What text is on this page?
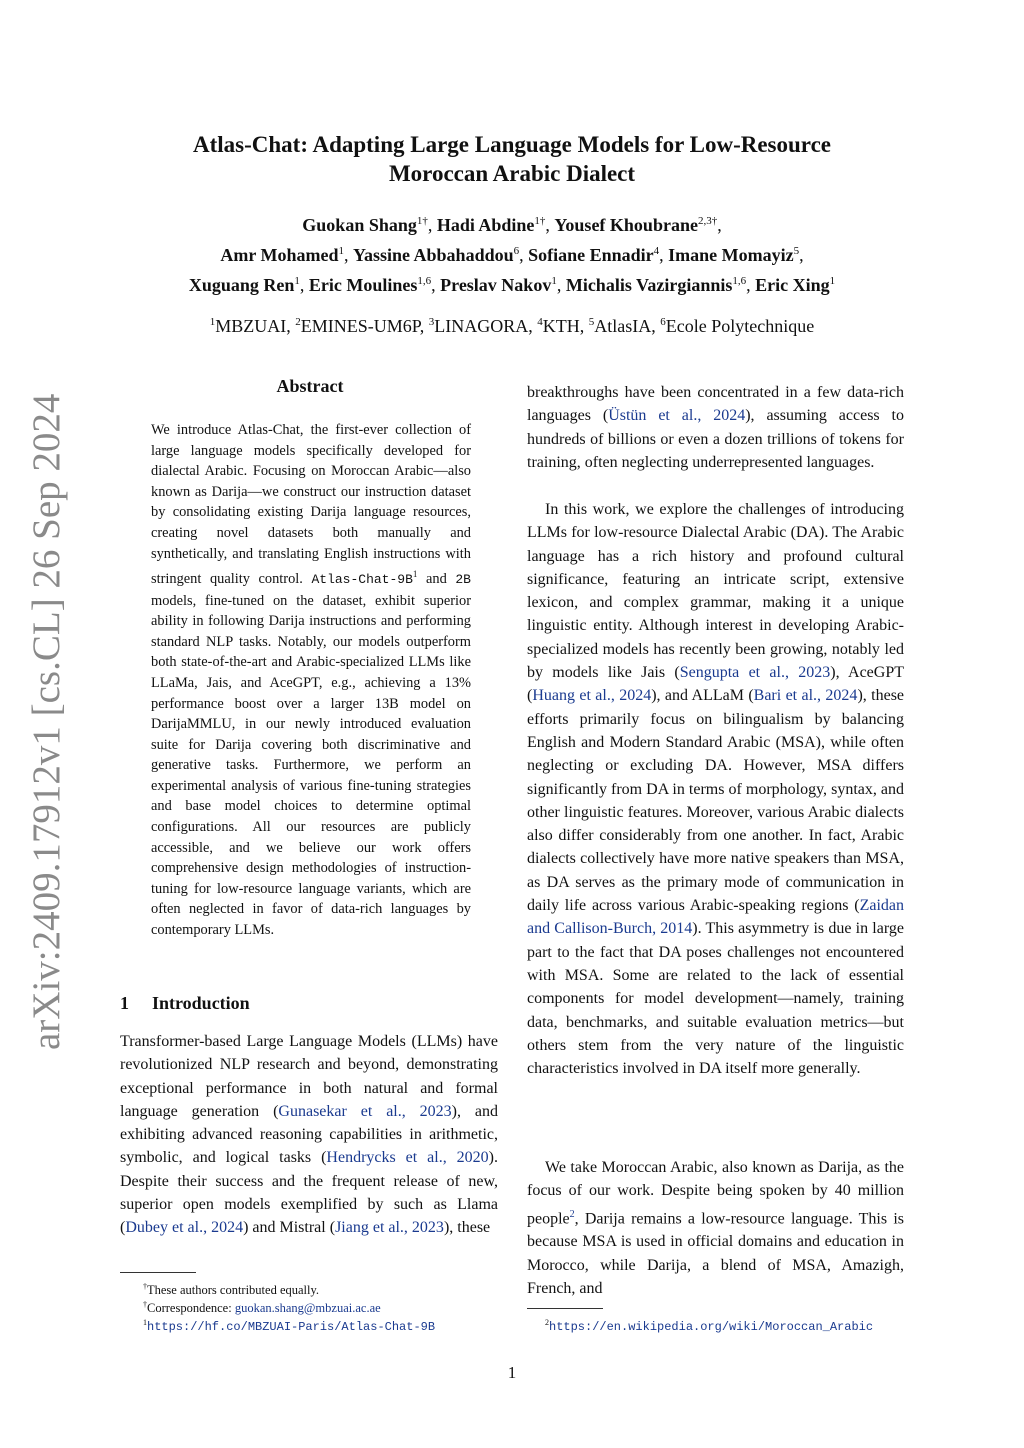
arXiv:2409.17912v1 [cs.CL] 26 Sep 2024
Atlas-Chat: Adapting Large Language Models for Low-Resource
Moroccan Arabic Dialect
Guokan Shang$^{1\dagger}$, Hadi Abdine$^{1\dagger}$, Yousef Khoubrane$^{2,3\dagger}$,
Amr Mohamed$^1$, Yassine Abbahaddou$^6$, Sofiane Ennadir$^4$, Imane Momayiz$^5$,
Xuguang Ren$^1$, Eric Moulines$^{1,6}$, Preslav Nakov$^1$, Michalis Vazirgiannis$^{1,6}$, Eric Xing$^1$
$^1$MBZUAI, $^2$EMINES-UM6P, $^3$LINAGORA, $^4$KTH, $^5$AtlasIA, $^6$Ecole Polytechnique
Abstract
We introduce Atlas-Chat, the first-ever collection of large language models specifically developed for dialectal Arabic. Focusing on Moroccan Arabic—also known as Darija—we construct our instruction dataset by consolidating existing Darija language resources, creating novel datasets both manually and synthetically, and translating English instructions with stringent quality control. Atlas-$Chat-9B^1$ and 2B models, fine-tuned on the dataset, exhibit superior ability in following Darija instructions and performing standard NLP tasks. Notably, our models outperform both state-of-the-art and Arabic-specialized LLMs like LLaMa, Jais, and AceGPT, e.g., achieving a 13% performance boost over a larger 13B model on DarijaMMLU, in our newly introduced evaluation suite for Darija covering both discriminative and generative tasks. Furthermore, we perform an experimental analysis of various fine-tuning strategies and base model choices to determine optimal configurations. All our resources are publicly accessible, and we believe our work offers comprehensive design methodologies of instruction-tuning for low-resource language variants, which are often neglected in favor of data-rich languages by contemporary LLMs.
1 Introduction

Transformer-based Large Language Models (LLMs) have revolutionized NLP research and beyond, demonstrating exceptional performance in both natural and formal language generation (Gunasekar et al., 2023), and exhibiting advanced reasoning capabilities in arithmetic, symbolic, and logical tasks (Hendrycks et al., 2020). Despite their success and the frequent release of new, superior open models exemplified by such as Llama (Dubey et al., 2024) and Mistral (Jiang et al., 2023), these

breakthroughs have been concentrated in a few data-rich languages (Üstün et al., 2024), assuming access to hundreds of billions or even a dozen trillions of tokens for training, often neglecting underrepresented languages.

In this work, we explore the challenges of introducing LLMs for low-resource Dialectal Arabic (DA). The Arabic language has a rich history and profound cultural significance, featuring an intricate script, extensive lexicon, and complex grammar, making it a unique linguistic entity. Although interest in developing Arabic-specialized models has recently been growing, notably led by models like Jais (Sengupta et al., 2023), AceGPT (Huang et al., 2024), and ALLaM (Bari et al., 2024), these efforts primarily focus on bilingualism by balancing English and Modern Standard Arabic (MSA), while often neglecting or excluding DA. However, MSA differs significantly from DA in terms of morphology, syntax, and other linguistic features. Moreover, various Arabic dialects also differ considerably from one another. In fact, Arabic dialects collectively have more native speakers than MSA, as DA serves as the primary mode of communication in daily life across various Arabic-speaking regions (Zaidan and Callison-Burch, 2014). This asymmetry is due in large part to the fact that DA poses challenges not encountered with MSA. Some are related to the lack of essential components for model development—namely, training data, benchmarks, and suitable evaluation metrics—but others stem from the very nature of the linguistic characteristics involved in DA itself more generally.

We take Moroccan Arabic, also known as Darija, as the focus of our work. Despite being spoken by 40 million people$^2$, Darija remains a low-resource language. This is because MSA is used in official domains and education in Morocco, while Darija, a blend of MSA, Amazigh, French, and

†These authors contributed equally.
†Correspondence: guokan.shang@mbzuai.ac.ae
$^1$https://hf.co/MBZUAI-Paris/Atlas-Chat-9B	$^2$https://en.wikipedia.org/wiki/Moroccan_Arabic
1
